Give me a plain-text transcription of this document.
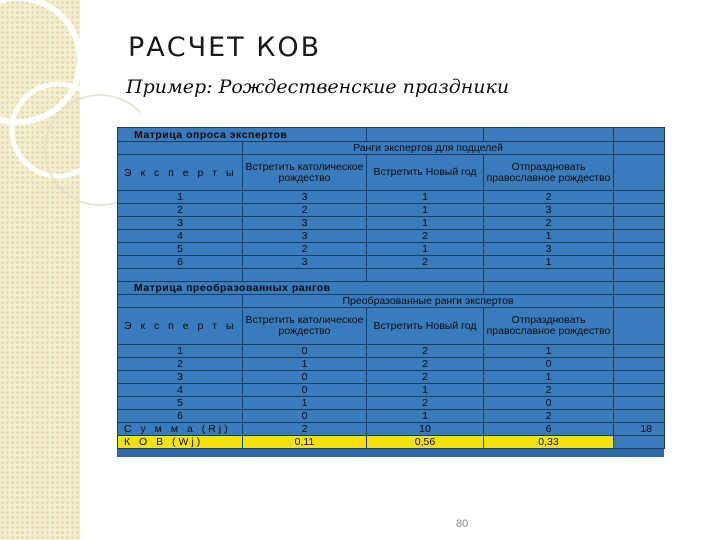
РАСЧЕТ КОВ
Пример: Рождественские праздники
Матрица опроса экспертов				
	Ранги экспертов для подцелей			
Э к с п е р т ы	Встретить католическое рождество	Встретить Новый год	Отпраздновать православное рождество	
1	3	1	2	
2	2	1	3	
3	3	1	2	
4	3	2	1	
5	2	1	3	
6	3	2	1	

Матрица преобразованных рангов				
	Преобразованные ранги экспертов			
Э к с п е р т ы	Встретить католическое рождество	Встретить Новый год	Отпраздновать православное рождество	
1	0	2	1	
2	1	2	0	
3	0	2	1	
4	0	1	2	
5	1	2	0	
6	0	1	2	
С у м м а (Rj)	2	10	6	18
К О В (Wj)	0,11	0,56	0,33	
80
